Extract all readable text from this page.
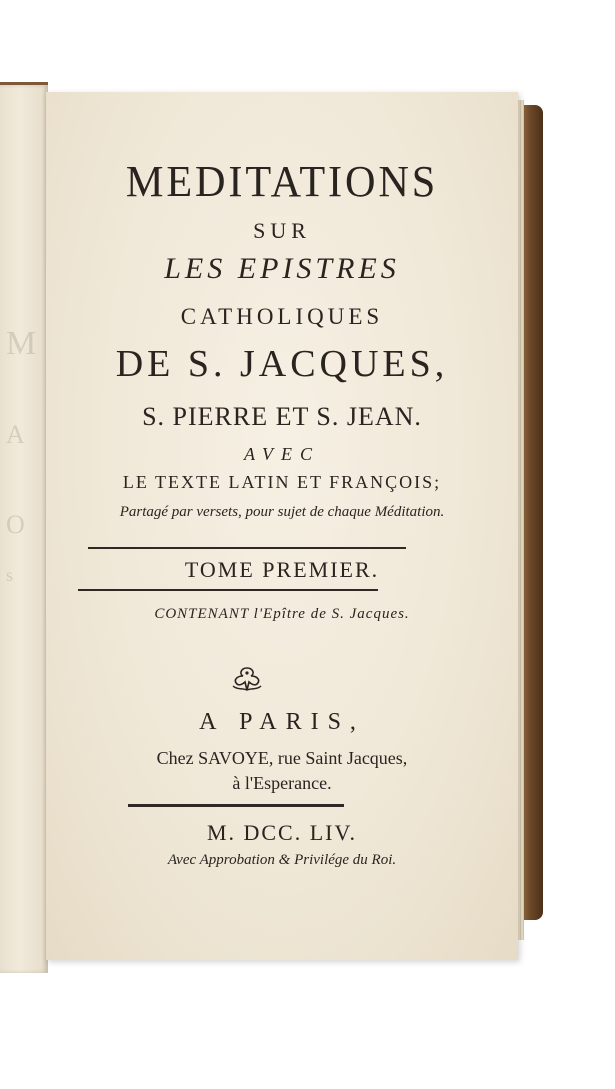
M
A
O
s
MEDITATIONS
SUR
LES EPISTRES
CATHOLIQUES
DE S. JACQUES,
S. PIERRE ET S. JEAN.
AVEC
LE TEXTE LATIN ET FRANÇOIS;
Partagé par versets, pour sujet de chaque Méditation.
TOME PREMIER.
CONTENANT l'Epître de S. Jacques.
A PARIS,
Chez SAVOYE, rue Saint Jacques,
à l'Esperance.
M. DCC. LIV.
Avec Approbation & Privilége du Roi.
